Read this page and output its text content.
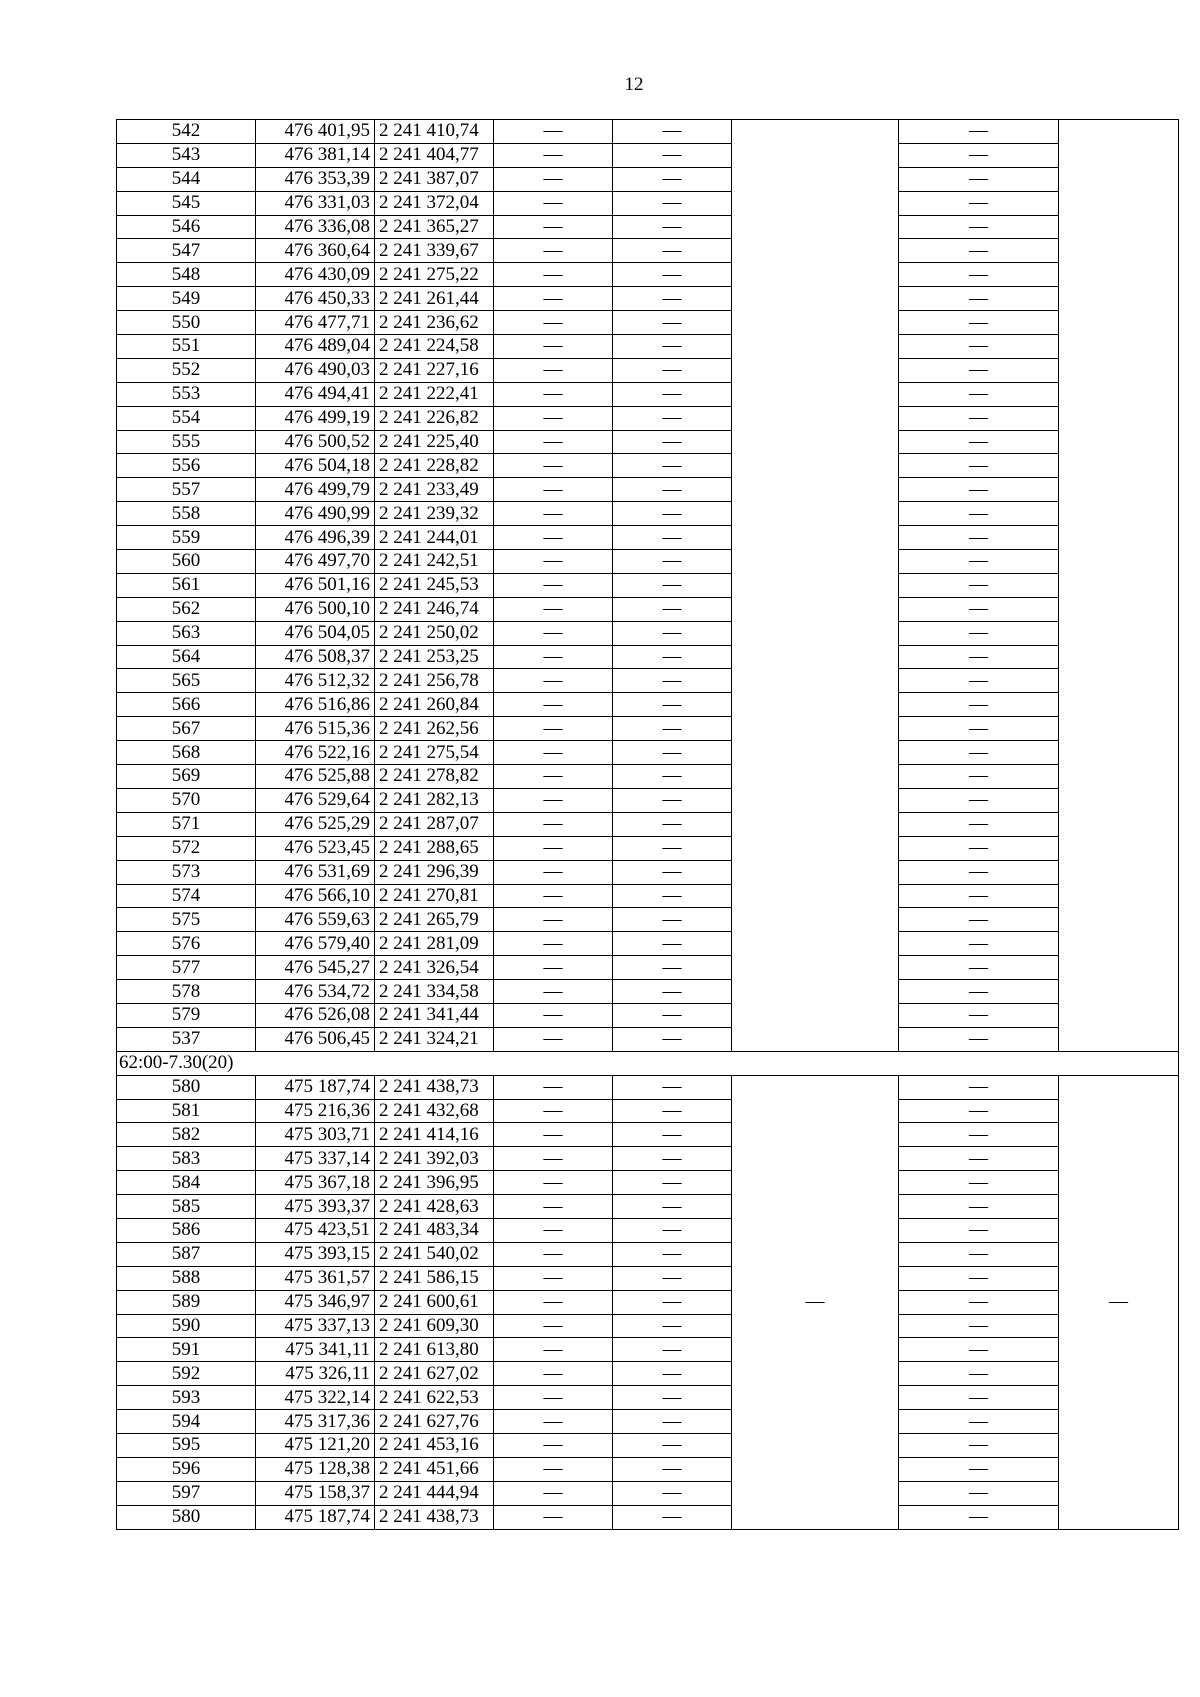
12
542	476 401,95	2 241 410,74	—	—		—	
543	476 381,14	2 241 404,77	—	—		—	
544	476 353,39	2 241 387,07	—	—		—	
545	476 331,03	2 241 372,04	—	—		—	
546	476 336,08	2 241 365,27	—	—		—	
547	476 360,64	2 241 339,67	—	—		—	
548	476 430,09	2 241 275,22	—	—		—	
549	476 450,33	2 241 261,44	—	—		—	
550	476 477,71	2 241 236,62	—	—		—	
551	476 489,04	2 241 224,58	—	—		—	
552	476 490,03	2 241 227,16	—	—		—	
553	476 494,41	2 241 222,41	—	—		—	
554	476 499,19	2 241 226,82	—	—		—	
555	476 500,52	2 241 225,40	—	—		—	
556	476 504,18	2 241 228,82	—	—		—	
557	476 499,79	2 241 233,49	—	—		—	
558	476 490,99	2 241 239,32	—	—		—	
559	476 496,39	2 241 244,01	—	—		—	
560	476 497,70	2 241 242,51	—	—		—	
561	476 501,16	2 241 245,53	—	—		—	
562	476 500,10	2 241 246,74	—	—		—	
563	476 504,05	2 241 250,02	—	—		—	
564	476 508,37	2 241 253,25	—	—		—	
565	476 512,32	2 241 256,78	—	—		—	
566	476 516,86	2 241 260,84	—	—		—	
567	476 515,36	2 241 262,56	—	—		—	
568	476 522,16	2 241 275,54	—	—		—	
569	476 525,88	2 241 278,82	—	—		—	
570	476 529,64	2 241 282,13	—	—		—	
571	476 525,29	2 241 287,07	—	—		—	
572	476 523,45	2 241 288,65	—	—		—	
573	476 531,69	2 241 296,39	—	—		—	
574	476 566,10	2 241 270,81	—	—		—	
575	476 559,63	2 241 265,79	—	—		—	
576	476 579,40	2 241 281,09	—	—		—	
577	476 545,27	2 241 326,54	—	—		—	
578	476 534,72	2 241 334,58	—	—		—	
579	476 526,08	2 241 341,44	—	—		—	
537	476 506,45	2 241 324,21	—	—		—	
62:00-7.30(20)							
580	475 187,74	2 241 438,73	—	—	—	—	—
581	475 216,36	2 241 432,68	—	—		—	
582	475 303,71	2 241 414,16	—	—		—	
583	475 337,14	2 241 392,03	—	—		—	
584	475 367,18	2 241 396,95	—	—		—	
585	475 393,37	2 241 428,63	—	—		—	
586	475 423,51	2 241 483,34	—	—		—	
587	475 393,15	2 241 540,02	—	—		—	
588	475 361,57	2 241 586,15	—	—		—	
589	475 346,97	2 241 600,61	—	—		—	
590	475 337,13	2 241 609,30	—	—		—	
591	475 341,11	2 241 613,80	—	—		—	
592	475 326,11	2 241 627,02	—	—		—	
593	475 322,14	2 241 622,53	—	—		—	
594	475 317,36	2 241 627,76	—	—		—	
595	475 121,20	2 241 453,16	—	—		—	
596	475 128,38	2 241 451,66	—	—		—	
597	475 158,37	2 241 444,94	—	—		—	
580	475 187,74	2 241 438,73	—	—		—	
